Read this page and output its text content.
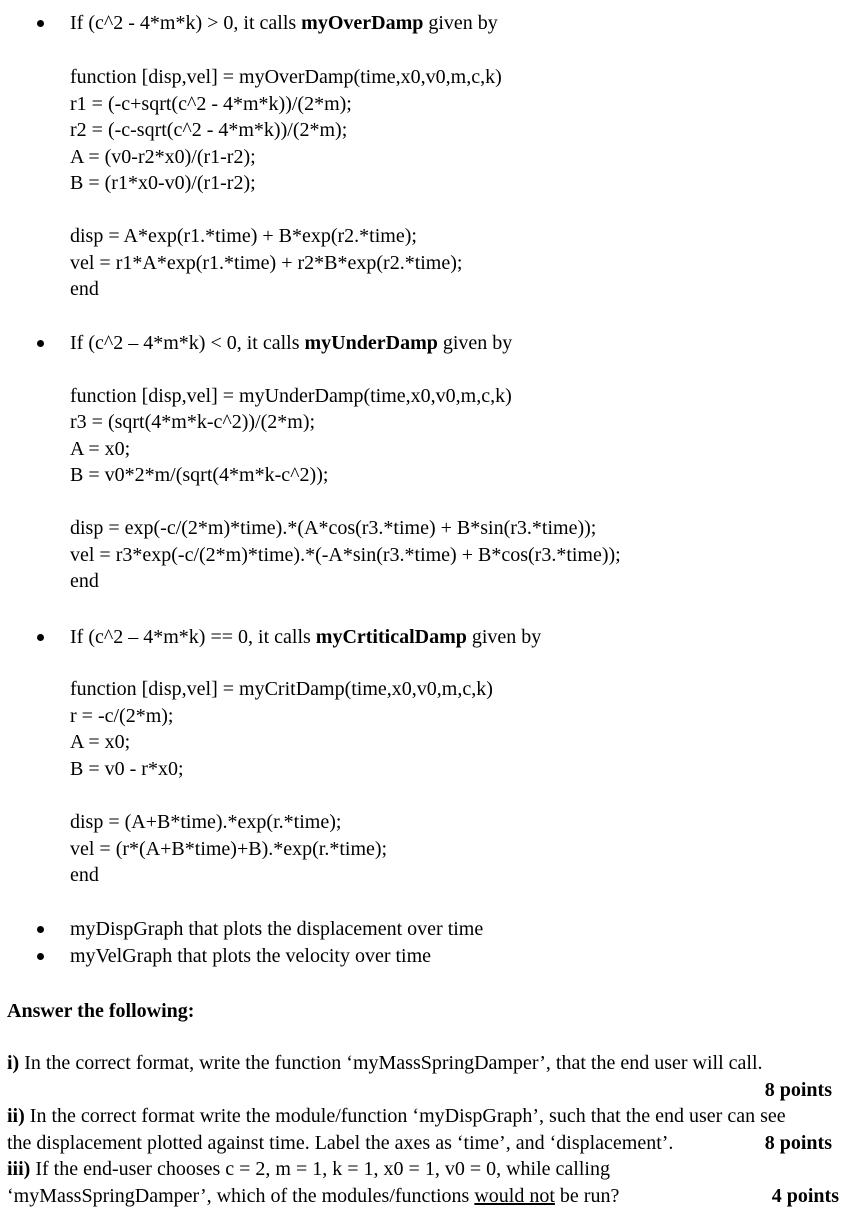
If (c^2 - 4*m*k) > 0, it calls myOverDamp given by
function [disp,vel] = myOverDamp(time,x0,v0,m,c,k)
r1 = (-c+sqrt(c^2 - 4*m*k))/(2*m);
r2 = (-c-sqrt(c^2 - 4*m*k))/(2*m);
A = (v0-r2*x0)/(r1-r2);
B = (r1*x0-v0)/(r1-r2);
disp = A*exp(r1.*time) + B*exp(r2.*time);
vel = r1*A*exp(r1.*time) + r2*B*exp(r2.*time);
end
If (c^2 – 4*m*k) < 0, it calls myUnderDamp given by
function [disp,vel] = myUnderDamp(time,x0,v0,m,c,k)
r3 = (sqrt(4*m*k-c^2))/(2*m);
A = x0;
B = v0*2*m/(sqrt(4*m*k-c^2));
disp = exp(-c/(2*m)*time).*(A*cos(r3.*time) + B*sin(r3.*time));
vel = r3*exp(-c/(2*m)*time).*(-A*sin(r3.*time) + B*cos(r3.*time));
end
If (c^2 – 4*m*k) == 0, it calls myCrtiticalDamp given by
function [disp,vel] = myCritDamp(time,x0,v0,m,c,k)
r = -c/(2*m);
A = x0;
B = v0 - r*x0;
disp = (A+B*time).*exp(r.*time);
vel = (r*(A+B*time)+B).*exp(r.*time);
end
myDispGraph that plots the displacement over time
myVelGraph that plots the velocity over time
Answer the following:
i) In the correct format, write the function ‘myMassSpringDamper’, that the end user will call.
8 points
ii) In the correct format write the module/function ‘myDispGraph’, such that the end user can see
the displacement plotted against time. Label the axes as ‘time’, and ‘displacement’.	8 points
iii) If the end-user chooses c = 2, m = 1, k = 1, x0 = 1, v0 = 0, while calling
‘myMassSpringDamper’, which of the modules/functions would not be run?	4 points
